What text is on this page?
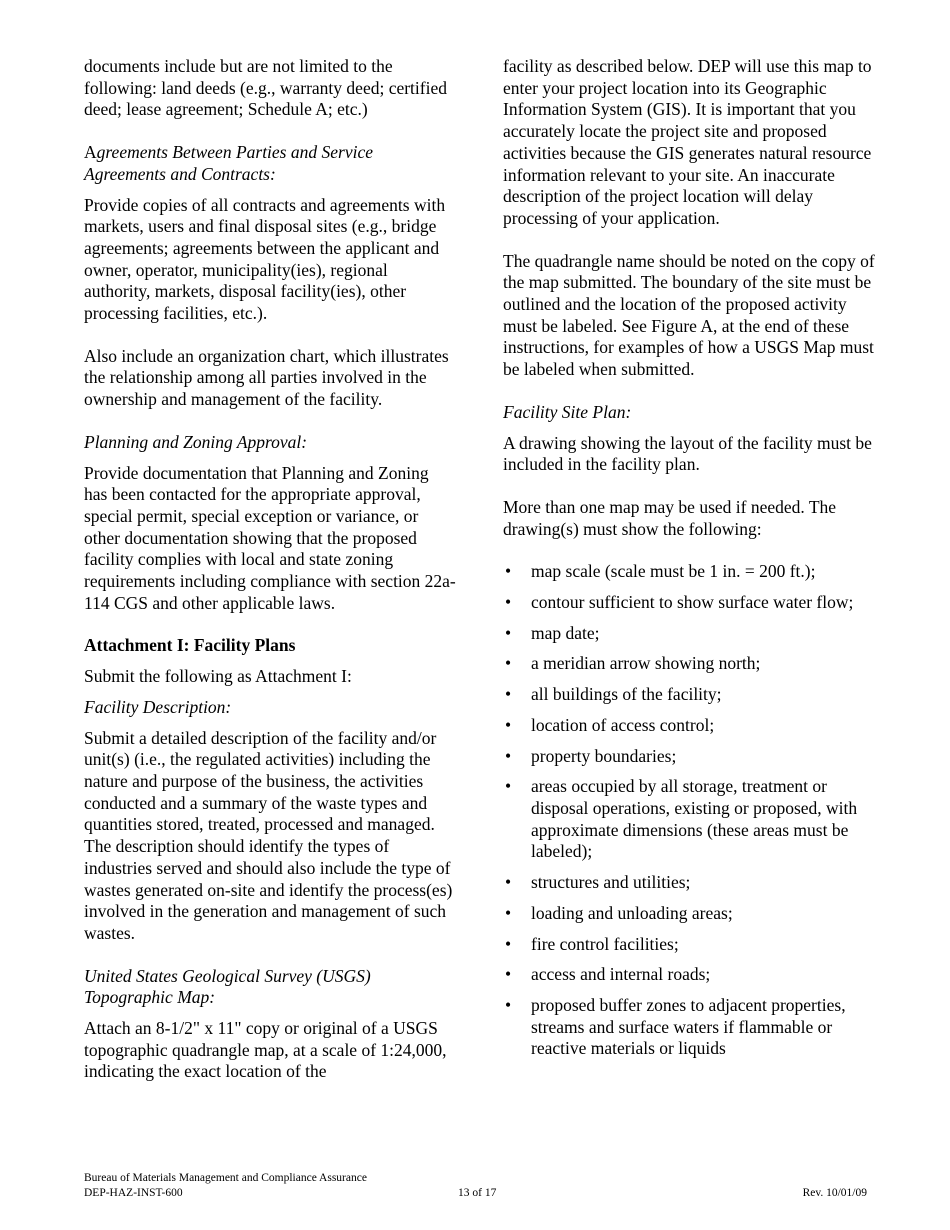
documents include but are not limited to the following: land deeds (e.g., warranty deed; certified deed; lease agreement; Schedule A; etc.)

Agreements Between Parties and Service Agreements and Contracts:

Provide copies of all contracts and agreements with markets, users and final disposal sites (e.g., bridge agreements; agreements between the applicant and owner, operator, municipality(ies), regional authority, markets, disposal facility(ies), other processing facilities, etc.).

Also include an organization chart, which illustrates the relationship among all parties involved in the ownership and management of the facility.

Planning and Zoning Approval:

Provide documentation that Planning and Zoning has been contacted for the appropriate approval, special permit, special exception or variance, or other documentation showing that the proposed facility complies with local and state zoning requirements including compliance with section 22a-114 CGS and other applicable laws.

Attachment I: Facility Plans

Submit the following as Attachment I:

Facility Description:

Submit a detailed description of the facility and/or unit(s) (i.e., the regulated activities) including the nature and purpose of the business, the activities conducted and a summary of the waste types and quantities stored, treated, processed and managed. The description should identify the types of industries served and should also include the type of wastes generated on-site and identify the process(es) involved in the generation and management of such wastes.

United States Geological Survey (USGS) Topographic Map:

Attach an 8-1/2" x 11" copy or original of a USGS topographic quadrangle map, at a scale of 1:24,000, indicating the exact location of the

facility as described below. DEP will use this map to enter your project location into its Geographic Information System (GIS). It is important that you accurately locate the project site and proposed activities because the GIS generates natural resource information relevant to your site. An inaccurate description of the project location will delay processing of your application.

The quadrangle name should be noted on the copy of the map submitted. The boundary of the site must be outlined and the location of the proposed activity must be labeled. See Figure A, at the end of these instructions, for examples of how a USGS Map must be labeled when submitted.

Facility Site Plan:

A drawing showing the layout of the facility must be included in the facility plan.

More than one map may be used if needed. The drawing(s) must show the following:

• map scale (scale must be 1 in. = 200 ft.);
• contour sufficient to show surface water flow;
• map date;
• a meridian arrow showing north;
• all buildings of the facility;
• location of access control;
• property boundaries;
• areas occupied by all storage, treatment or disposal operations, existing or proposed, with approximate dimensions (these areas must be labeled);
• structures and utilities;
• loading and unloading areas;
• fire control facilities;
• access and internal roads;
• proposed buffer zones to adjacent properties, streams and surface waters if flammable or reactive materials or liquids
Bureau of Materials Management and Compliance Assurance
DEP-HAZ-INST-600	13 of 17	Rev. 10/01/09
